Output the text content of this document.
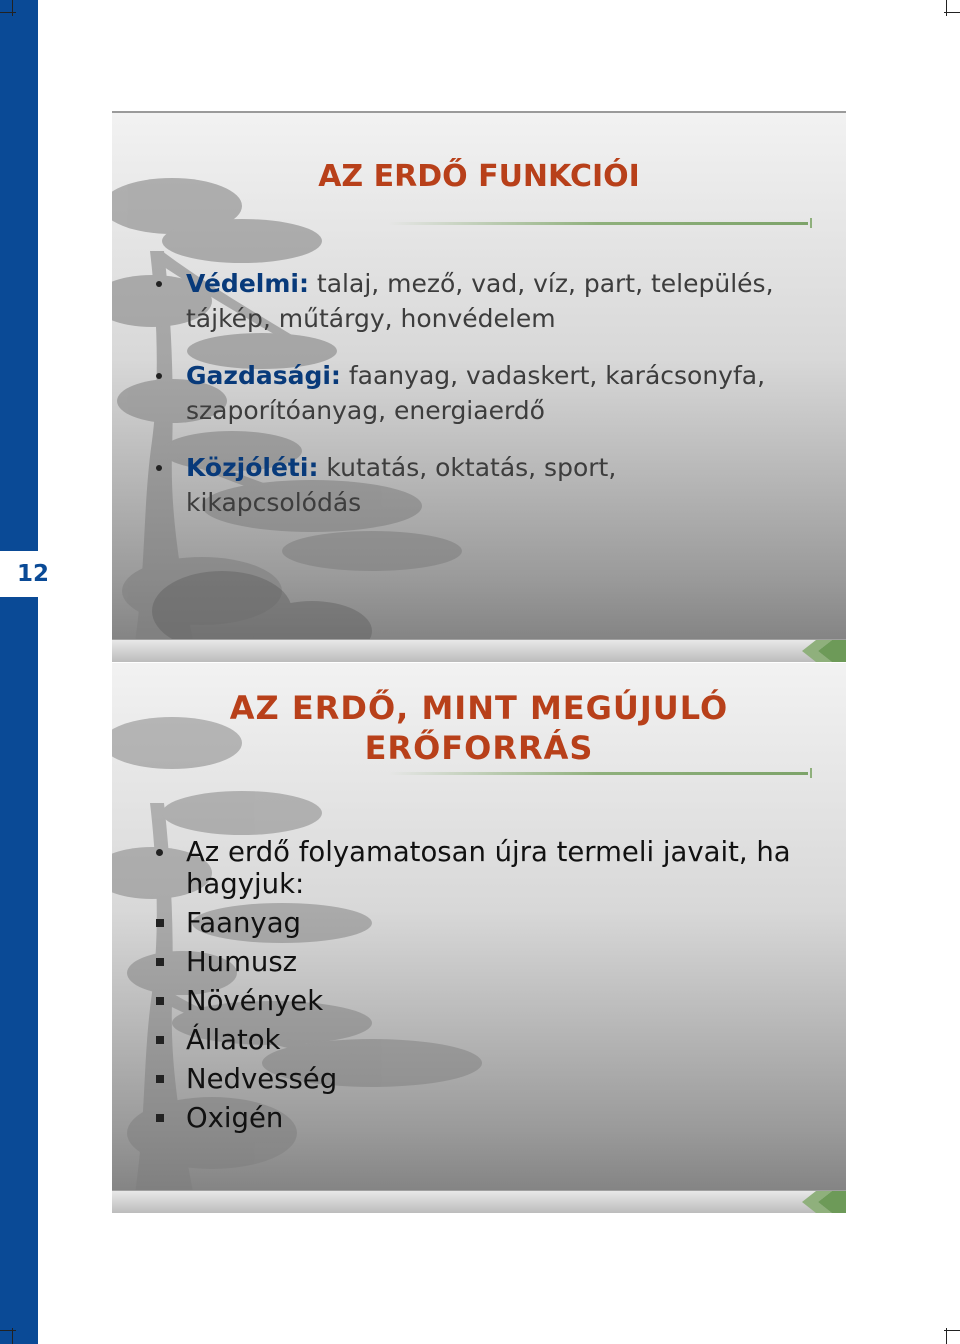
12
AZ ERDŐ FUNKCIÓI
Védelmi: talaj, mező, vad, víz, part, település, tájkép, műtárgy, honvédelem
Gazdasági: faanyag, vadaskert, karácsonyfa, szaporítóanyag, energiaerdő
Közjóléti: kutatás, oktatás, sport, kikapcsolódás
AZ ERDŐ, MINT MEGÚJULÓ
ERŐFORRÁS
Az erdő folyamatosan újra termeli javait, ha hagyjuk:
Faanyag
Humusz
Növények
Állatok
Nedvesség
Oxigén
